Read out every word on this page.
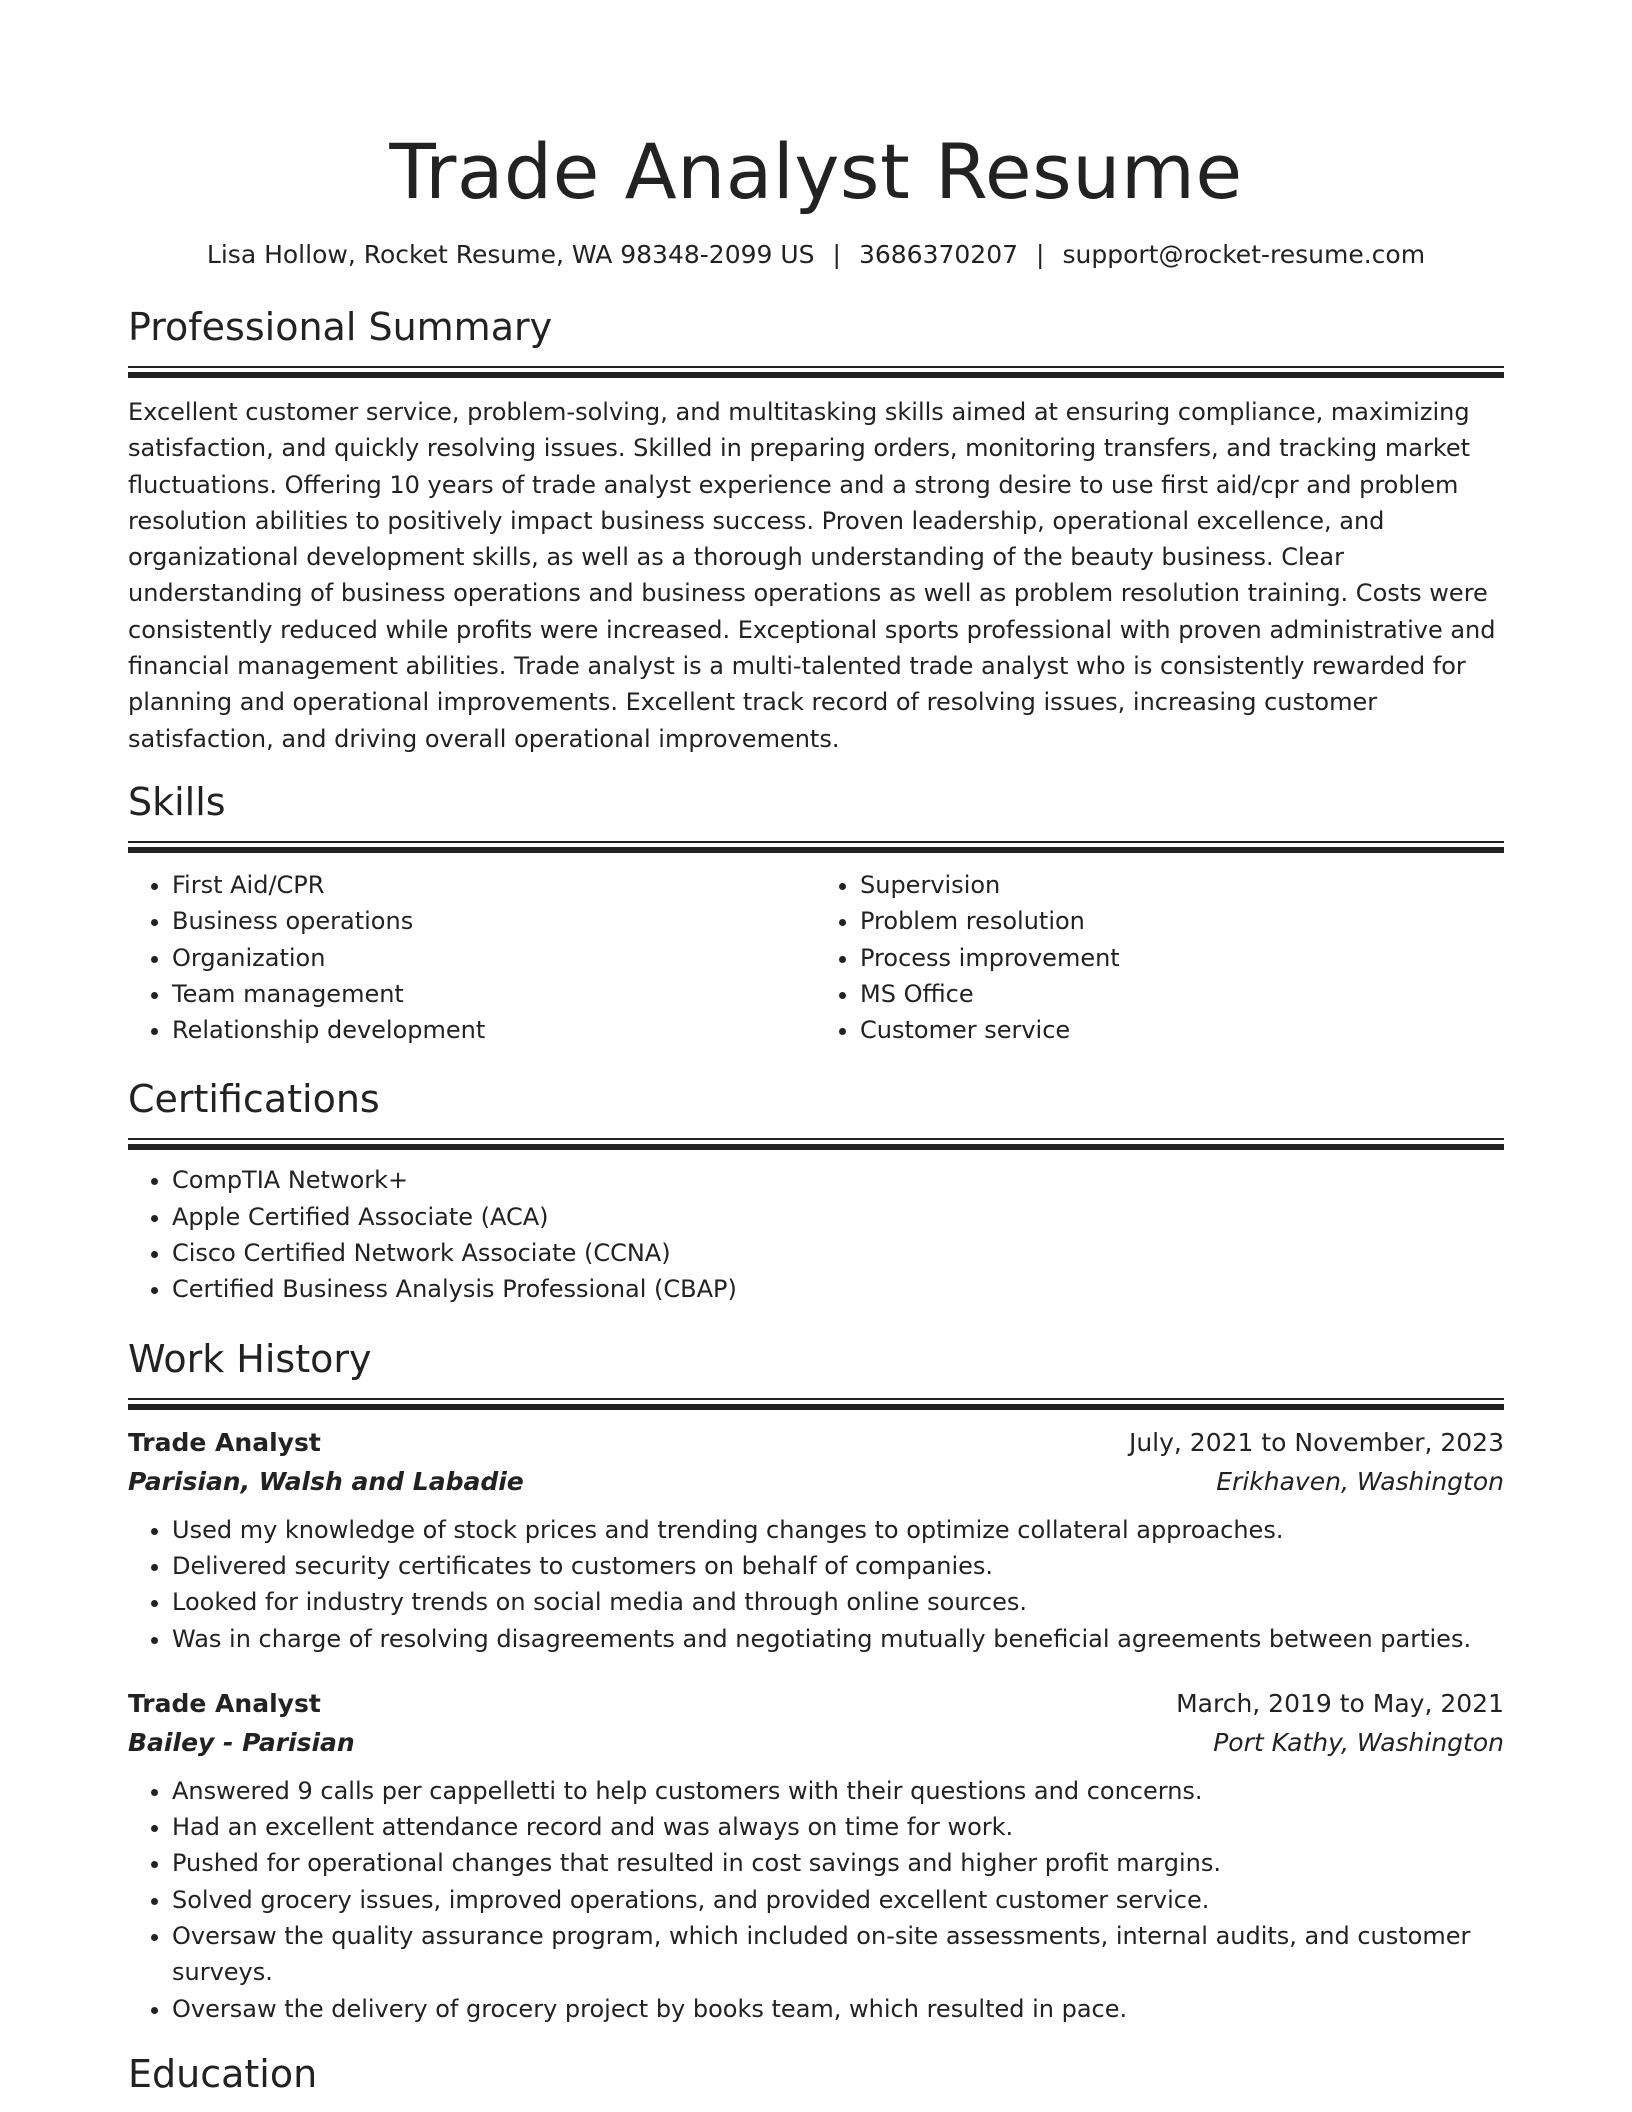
Trade Analyst Resume
Lisa Hollow, Rocket Resume, WA 98348-2099 US | 3686370207 | support@rocket-resume.com
Professional Summary

Excellent customer service, problem-solving, and multitasking skills aimed at ensuring compliance, maximizing satisfaction, and quickly resolving issues. Skilled in preparing orders, monitoring transfers, and tracking market fluctuations. Offering 10 years of trade analyst experience and a strong desire to use first aid/cpr and problem resolution abilities to positively impact business success. Proven leadership, operational excellence, and organizational development skills, as well as a thorough understanding of the beauty business. Clear understanding of business operations and business operations as well as problem resolution training. Costs were consistently reduced while profits were increased. Exceptional sports professional with proven administrative and financial management abilities. Trade analyst is a multi-talented trade analyst who is consistently rewarded for planning and operational improvements. Excellent track record of resolving issues, increasing customer satisfaction, and driving overall operational improvements.

Skills
• First Aid/CPR
• Business operations
• Organization
• Team management
• Relationship development
• Supervision
• Problem resolution
• Process improvement
• MS Office
• Customer service
Certifications
• CompTIA Network+
• Apple Certified Associate (ACA)
• Cisco Certified Network Associate (CCNA)
• Certified Business Analysis Professional (CBAP)
Work History
Trade Analyst	July, 2021 to November, 2023
Parisian, Walsh and Labadie	Erikhaven, Washington
• Used my knowledge of stock prices and trending changes to optimize collateral approaches.
• Delivered security certificates to customers on behalf of companies.
• Looked for industry trends on social media and through online sources.
• Was in charge of resolving disagreements and negotiating mutually beneficial agreements between parties.
Trade Analyst	March, 2019 to May, 2021
Bailey - Parisian	Port Kathy, Washington
• Answered 9 calls per cappelletti to help customers with their questions and concerns.
• Had an excellent attendance record and was always on time for work.
• Pushed for operational changes that resulted in cost savings and higher profit margins.
• Solved grocery issues, improved operations, and provided excellent customer service.
• Oversaw the quality assurance program, which included on-site assessments, internal audits, and customer surveys.
• Oversaw the delivery of grocery project by books team, which resulted in pace.
Education
